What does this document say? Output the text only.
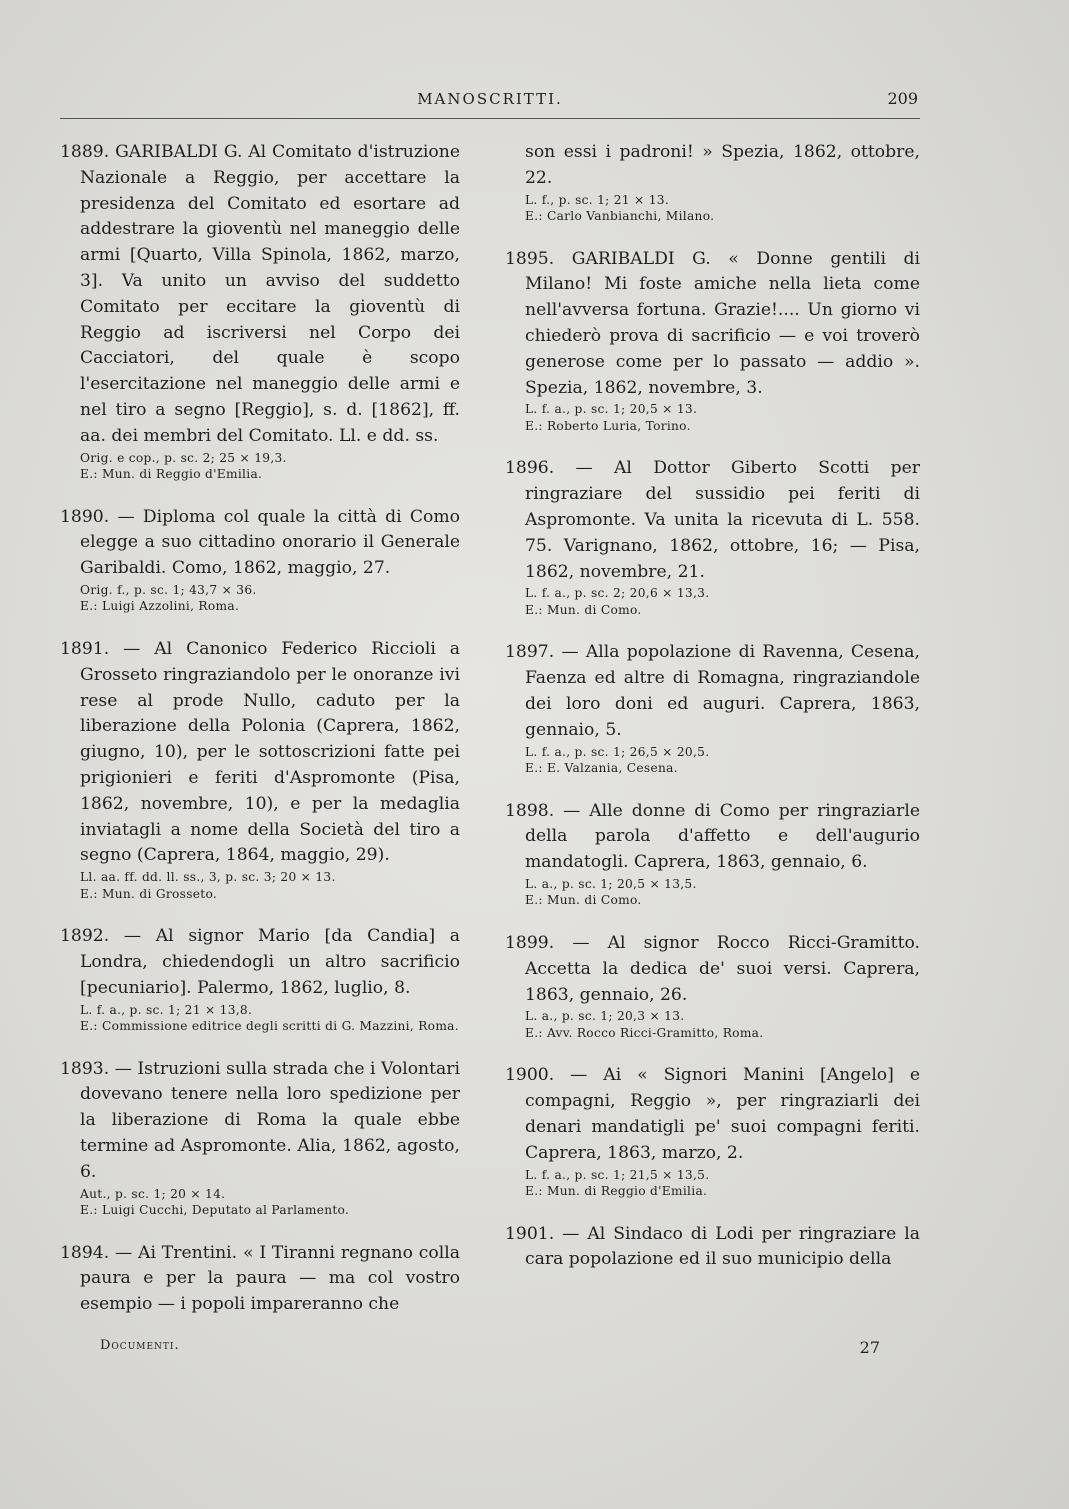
MANOSCRITTI.	209

1889. GARIBALDI G. Al Comitato d'istruzione Nazionale a Reggio, per accettare la presidenza del Comitato ed esortare ad addestrare la gioventù nel maneggio delle armi [Quarto, Villa Spinola, 1862, marzo, 3]. Va unito un avviso del suddetto Comitato per eccitare la gioventù di Reggio ad iscriversi nel Corpo dei Cacciatori, del quale è scopo l'esercitazione nel maneggio delle armi e nel tiro a segno [Reggio], s. d. [1862], ff. aa. dei membri del Comitato. Ll. e dd. ss.

Orig. e cop., p. sc. 2; 25 × 19,3.

E.: Mun. di Reggio d'Emilia.

1890. — Diploma col quale la città di Como elegge a suo cittadino onorario il Generale Garibaldi. Como, 1862, maggio, 27.

Orig. f., p. sc. 1; 43,7 × 36.

E.: Luigi Azzolini, Roma.

1891. — Al Canonico Federico Riccioli a Grosseto ringraziandolo per le onoranze ivi rese al prode Nullo, caduto per la liberazione della Polonia (Caprera, 1862, giugno, 10), per le sottoscrizioni fatte pei prigionieri e feriti d'Aspromonte (Pisa, 1862, novembre, 10), e per la medaglia inviatagli a nome della Società del tiro a segno (Caprera, 1864, maggio, 29).

Ll. aa. ff. dd. ll. ss., 3, p. sc. 3; 20 × 13.

E.: Mun. di Grosseto.

1892. — Al signor Mario [da Candia] a Londra, chiedendogli un altro sacrificio [pecuniario]. Palermo, 1862, luglio, 8.

L. f. a., p. sc. 1; 21 × 13,8.

E.: Commissione editrice degli scritti di G. Mazzini, Roma.

1893. — Istruzioni sulla strada che i Volontari dovevano tenere nella loro spedizione per la liberazione di Roma la quale ebbe termine ad Aspromonte. Alia, 1862, agosto, 6.

Aut., p. sc. 1; 20 × 14.

E.: Luigi Cucchi, Deputato al Parlamento.

1894. — Ai Trentini. « I Tiranni regnano colla paura e per la paura — ma col vostro esempio — i popoli impareranno che

son essi i padroni! » Spezia, 1862, ottobre, 22.

L. f., p. sc. 1; 21 × 13.

E.: Carlo Vanbianchi, Milano.

1895. GARIBALDI G. « Donne gentili di Milano! Mi foste amiche nella lieta come nell'avversa fortuna. Grazie!.... Un giorno vi chiederò prova di sacrificio — e voi troverò generose come per lo passato — addio ». Spezia, 1862, novembre, 3.

L. f. a., p. sc. 1; 20,5 × 13.

E.: Roberto Luria, Torino.

1896. — Al Dottor Giberto Scotti per ringraziare del sussidio pei feriti di Aspromonte. Va unita la ricevuta di L. 558. 75. Varignano, 1862, ottobre, 16; — Pisa, 1862, novembre, 21.

L. f. a., p. sc. 2; 20,6 × 13,3.

E.: Mun. di Como.

1897. — Alla popolazione di Ravenna, Cesena, Faenza ed altre di Romagna, ringraziandole dei loro doni ed auguri. Caprera, 1863, gennaio, 5.

L. f. a., p. sc. 1; 26,5 × 20,5.

E.: E. Valzania, Cesena.

1898. — Alle donne di Como per ringraziarle della parola d'affetto e dell'augurio mandatogli. Caprera, 1863, gennaio, 6.

L. a., p. sc. 1; 20,5 × 13,5.

E.: Mun. di Como.

1899. — Al signor Rocco Ricci-Gramitto. Accetta la dedica de' suoi versi. Caprera, 1863, gennaio, 26.

L. a., p. sc. 1; 20,3 × 13.

E.: Avv. Rocco Ricci-Gramitto, Roma.

1900. — Ai « Signori Manini [Angelo] e compagni, Reggio », per ringraziarli dei denari mandatigli pe' suoi compagni feriti. Caprera, 1863, marzo, 2.

L. f. a., p. sc. 1; 21,5 × 13,5.

E.: Mun. di Reggio d'Emilia.

1901. — Al Sindaco di Lodi per ringraziare la cara popolazione ed il suo municipio della

Documenti.	27
